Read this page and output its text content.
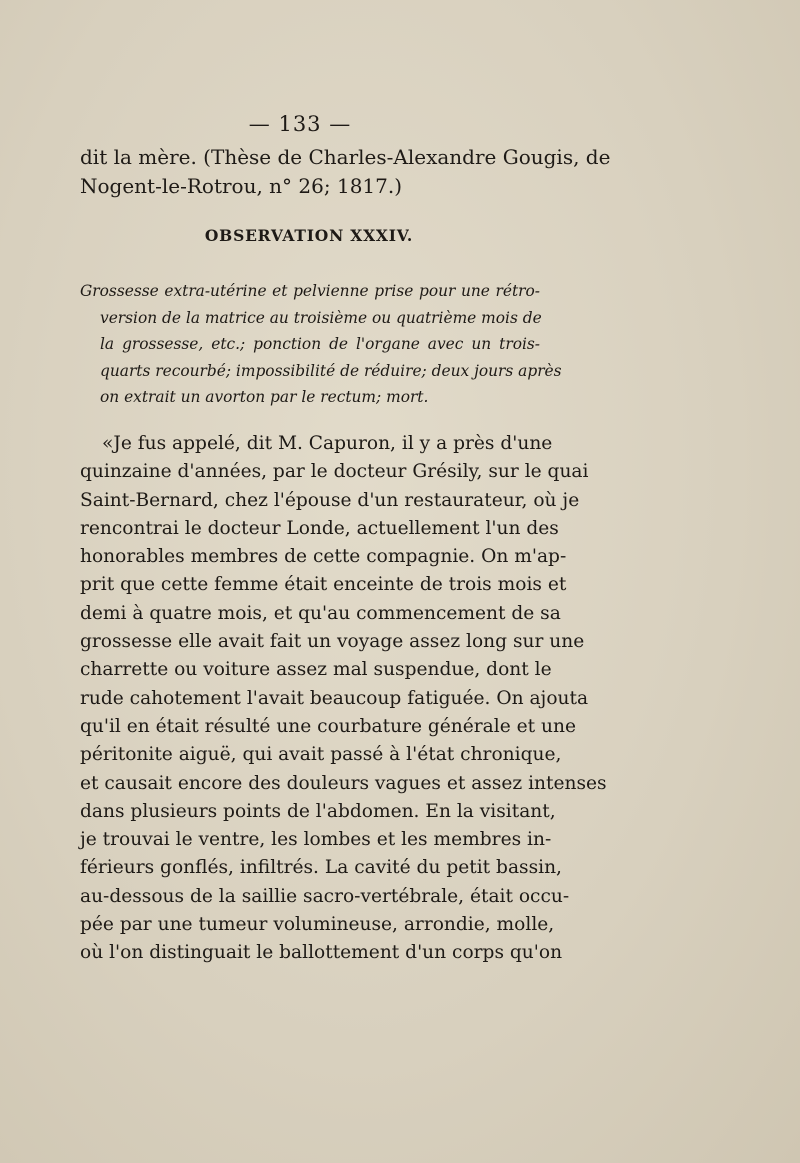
— 133 —

dit la mère. (Thèse de Charles-Alexandre Gougis, de
Nogent-le-Rotrou, n° 26; 1817.)

OBSERVATION XXXIV.

Grossesse extra-utérine et pelvienne prise pour une rétro-
version de la matrice au troisième ou quatrième mois de
la grossesse, etc.; ponction de l'organe avec un trois-
quarts recourbé; impossibilité de réduire; deux jours après
on extrait un avorton par le rectum; mort.

«Je fus appelé, dit M. Capuron, il y a près d'une
quinzaine d'années, par le docteur Grésily, sur le quai
Saint-Bernard, chez l'épouse d'un restaurateur, où je
rencontrai le docteur Londe, actuellement l'un des
honorables membres de cette compagnie. On m'ap-
prit que cette femme était enceinte de trois mois et
demi à quatre mois, et qu'au commencement de sa
grossesse elle avait fait un voyage assez long sur une
charrette ou voiture assez mal suspendue, dont le
rude cahotement l'avait beaucoup fatiguée. On ajouta
qu'il en était résulté une courbature générale et une
péritonite aiguë, qui avait passé à l'état chronique,
et causait encore des douleurs vagues et assez intenses
dans plusieurs points de l'abdomen. En la visitant,
je trouvai le ventre, les lombes et les membres in-
férieurs gonflés, infiltrés. La cavité du petit bassin,
au-dessous de la saillie sacro-vertébrale, était occu-
pée par une tumeur volumineuse, arrondie, molle,
où l'on distinguait le ballottement d'un corps qu'on
